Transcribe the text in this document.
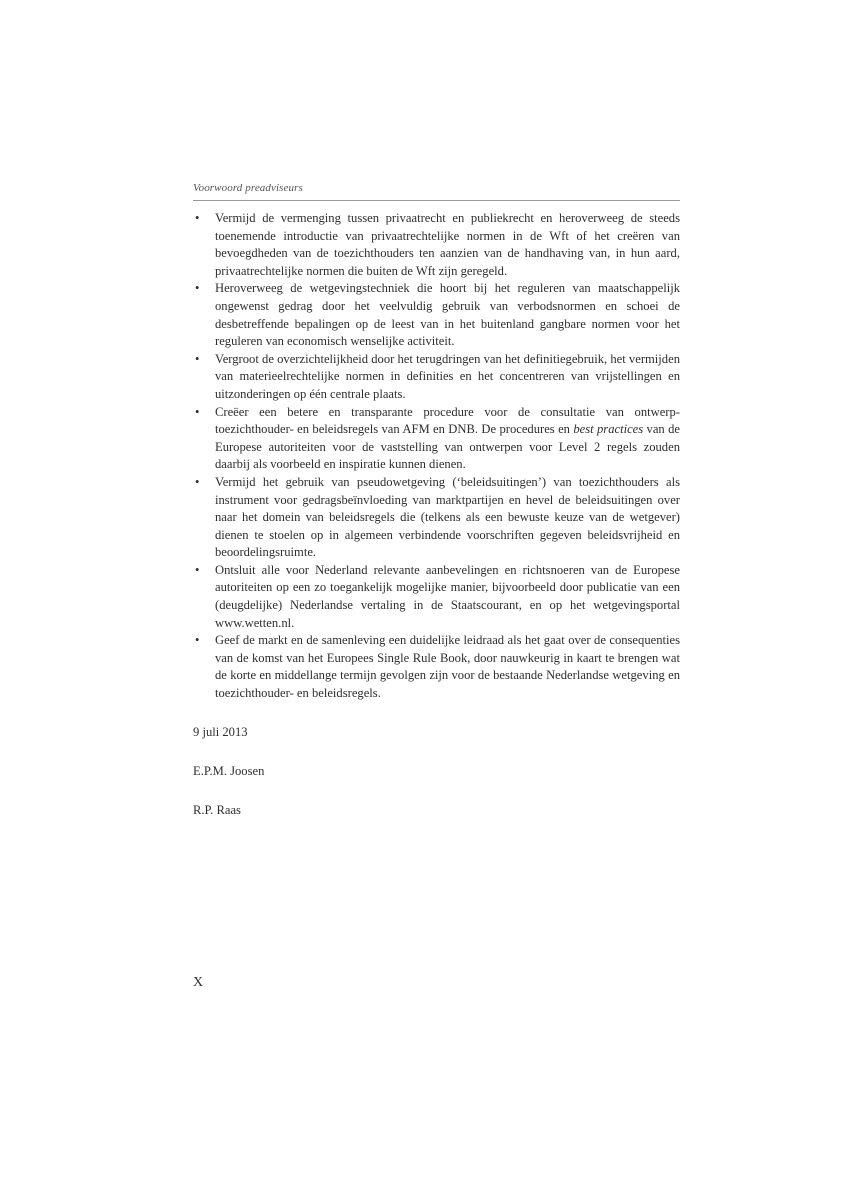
Voorwoord preadviseurs
• Vermijd de vermenging tussen privaatrecht en publiekrecht en heroverweeg de steeds toenemende introductie van privaatrechtelijke normen in de Wft of het creëren van bevoegdheden van de toezichthouders ten aanzien van de handhaving van, in hun aard, privaatrechtelijke normen die buiten de Wft zijn geregeld.
• Heroverweeg de wetgevingstechniek die hoort bij het reguleren van maatschappelijk ongewenst gedrag door het veelvuldig gebruik van verbodsnormen en schoei de desbetreffende bepalingen op de leest van in het buitenland gangbare normen voor het reguleren van economisch wenselijke activiteit.
• Vergroot de overzichtelijkheid door het terugdringen van het definitiegebruik, het vermijden van materieelrechtelijke normen in definities en het concentreren van vrijstellingen en uitzonderingen op één centrale plaats.
• Creëer een betere en transparante procedure voor de consultatie van ontwerp-toezichthouder- en beleidsregels van AFM en DNB. De procedures en best practices van de Europese autoriteiten voor de vaststelling van ontwerpen voor Level 2 regels zouden daarbij als voorbeeld en inspiratie kunnen dienen.
• Vermijd het gebruik van pseudowetgeving (‘beleidsuitingen’) van toezichthouders als instrument voor gedragsbeïnvloeding van marktpartijen en hevel de beleidsuitingen over naar het domein van beleidsregels die (telkens als een bewuste keuze van de wetgever) dienen te stoelen op in algemeen verbindende voorschriften gegeven beleidsvrijheid en beoordelingsruimte.
• Ontsluit alle voor Nederland relevante aanbevelingen en richtsnoeren van de Europese autoriteiten op een zo toegankelijk mogelijke manier, bijvoorbeeld door publicatie van een (deugdelijke) Nederlandse vertaling in de Staatscourant, en op het wetgevingsportal www.wetten.nl.
• Geef de markt en de samenleving een duidelijke leidraad als het gaat over de consequenties van de komst van het Europees Single Rule Book, door nauwkeurig in kaart te brengen wat de korte en middellange termijn gevolgen zijn voor de bestaande Nederlandse wetgeving en toezichthouder- en beleidsregels.
9 juli 2013
E.P.M. Joosen
R.P. Raas
X
